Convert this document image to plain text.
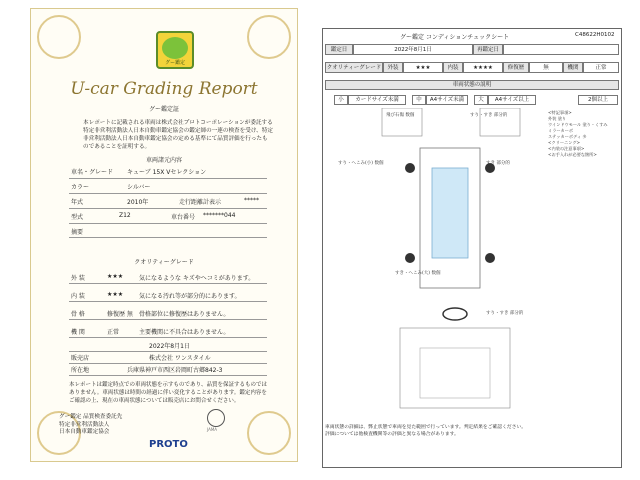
グー鑑定
U-car Grading Report
グー鑑定証
本レポートに記載される車両は株式会社プロトコーポレーションが委託する特定非営利活動法人日本自動車鑑定協会の鑑定師の一連の検査を受け、特定非営利活動法人日本自動車鑑定協会の定める基準にて品質評価を行ったものであることを証明する。
車両諸元内容
車名・グレード キューブ 15X Vセレクション
カラー	シルバー
年式	2010年	走行距離計表示	*****
型式	Z12	車台番号 *******044
摘要
クオリティーグレード
外 装	★★★	気になるような キズやヘコミがあります。
内 装	★★★	気になる汚れ等が部分的にあります。
骨 格	修復歴 無 骨格部位に修復歴はありません。
機 関	正常	主要機関に不具合はありません。
2022年8月1日
販売店	株式会社 ワンスタイル
所在地	兵庫県神戸市西区岩岡町古郷842-3
本レポートは鑑定時点での車両状態を示すものであり、品質を保証するものではありません。車両状態は時間の経過に伴い変化することがあります。鑑定内容をご確認の上、現在の車両状態については販売店にお問合せください。
グー鑑定 品質検査委託先
特定非営利活動法人
日本自動車鑑定協会	JAMA
PROTO
グー鑑定 コンディションチェックシート	C48622H0102
鑑定日	2022年8月1日	再鑑定日
クオリティーグレード	外装	★★★	内装	★★★★	修復歴	無	機関	正常
車両状態の説明
小	カードサイズ未満	中	A4サイズ未満	大	A4サイズ以上	2個以上
飛び石傷 数個	すり・すき 部分的
すり・へこみ(小) 数個	すき 部分的
すき・へこみ(大) 数個
すり・すき 部分的
<特記事項>
外装 塗り
ウインドウモール 塗り・くすみ
ミラーカーボ
ステッカーボディ 多
<クリーニング>
<内装の注意事項>
<お手入れが必要な箇所>
車両状態の詳細は、弊止状態で車両を見た範囲で行っています。判定結果をご確認ください。
評価については他検査機関等の評価と異なる場合があります。
